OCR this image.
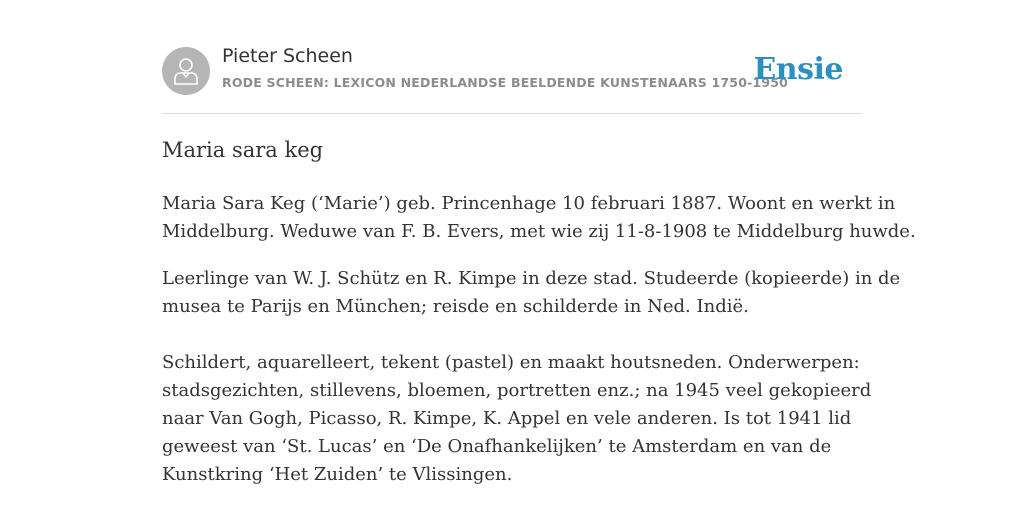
Pieter Scheen
RODE SCHEEN: LEXICON NEDERLANDSE BEELDENDE KUNSTENAARS 1750-1950
Ensie
Maria sara keg
Maria Sara Keg (‘Marie’) geb. Princenhage 10 februari 1887. Woont en werkt in
Middelburg. Weduwe van F. B. Evers, met wie zij 11-8-1908 te Middelburg huwde.
Leerlinge van W. J. Schütz en R. Kimpe in deze stad. Studeerde (kopieerde) in de
musea te Parijs en München; reisde en schilderde in Ned. Indië.
Schildert, aquarelleert, tekent (pastel) en maakt houtsneden. Onderwerpen:
stadsgezichten, stillevens, bloemen, portretten enz.; na 1945 veel gekopieerd
naar Van Gogh, Picasso, R. Kimpe, K. Appel en vele anderen. Is tot 1941 lid
geweest van ‘St. Lucas’ en ‘De Onafhankelijken’ te Amsterdam en van de
Kunstkring ‘Het Zuiden’ te Vlissingen.
